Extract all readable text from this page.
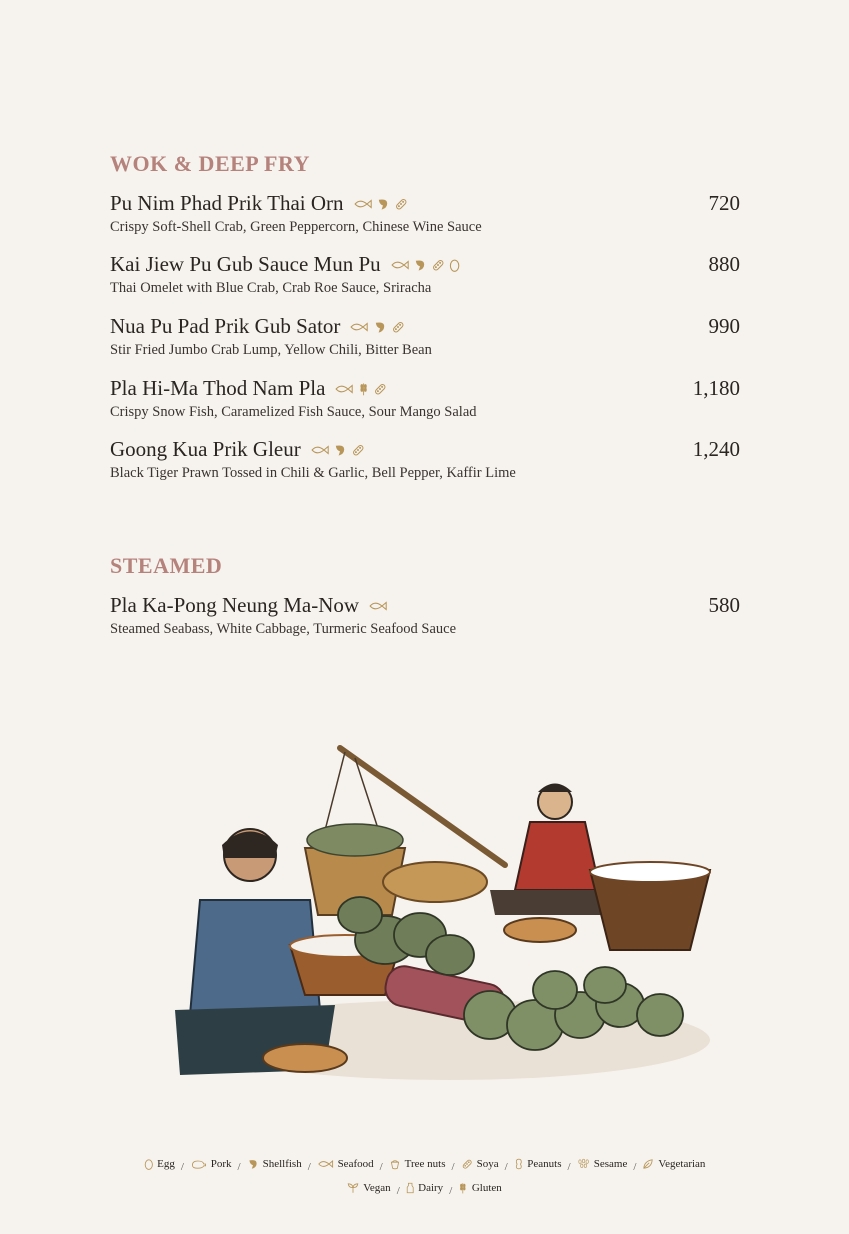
WOK & DEEP FRY
Pu Nim Phad Prik Thai Orn	720
Crispy Soft-Shell Crab, Green Peppercorn, Chinese Wine Sauce
Kai Jiew Pu Gub Sauce Mun Pu	880
Thai Omelet with Blue Crab, Crab Roe Sauce, Sriracha
Nua Pu Pad Prik Gub Sator	990
Stir Fried Jumbo Crab Lump, Yellow Chili, Bitter Bean
Pla Hi-Ma Thod Nam Pla	1,180
Crispy Snow Fish, Caramelized Fish Sauce, Sour Mango Salad
Goong Kua Prik Gleur	1,240
Black Tiger Prawn Tossed in Chili & Garlic, Bell Pepper, Kaffir Lime
STEAMED
Pla Ka-Pong Neung Ma-Now	580
Steamed Seabass, White Cabbage, Turmeric Seafood Sauce
Egg / Pork / Shellfish / Seafood / Tree nuts / Soya / Peanuts / Sesame / Vegetarian
Vegan / Dairy / Gluten
